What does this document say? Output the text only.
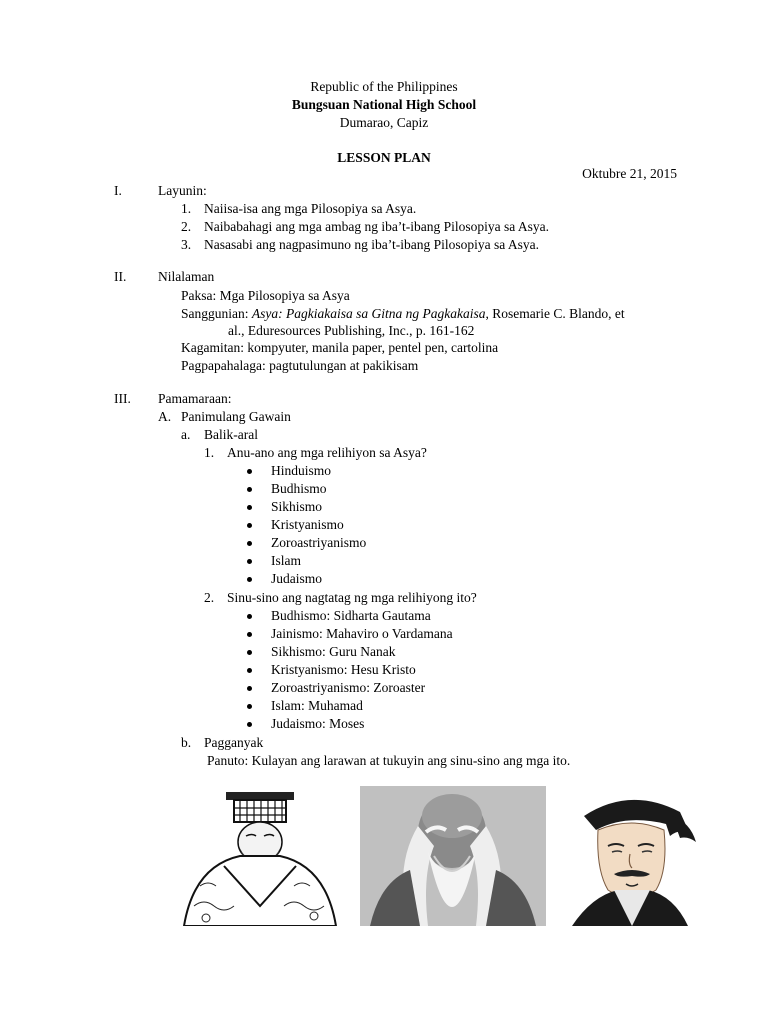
Republic of the Philippines
Bungsuan National High School
Dumarao, Capiz
LESSON PLAN
Oktubre 21, 2015
I.	Layunin:
1. Naiisa-isa ang mga Pilosopiya sa Asya.
2. Naibabahagi ang mga ambag ng iba’t-ibang Pilosopiya sa Asya.
3. Nasasabi ang nagpasimuno ng iba’t-ibang Pilosopiya sa Asya.
II. Nilalaman
Paksa: Mga Pilosopiya sa Asya
Sanggunian: Asya: Pagkiakaisa sa Gitna ng Pagkakaisa, Rosemarie C. Blando, et
al., Eduresources Publishing, Inc., p. 161-162
Kagamitan: kompyuter, manila paper, pentel pen, cartolina
Pagpapahalaga: pagtutulungan at pakikisam
III. Pamamaraan:
A. Panimulang Gawain
a. Balik-aral
1. Anu-ano ang mga relihiyon sa Asya?
Hinduismo
Budhismo
Sikhismo
Kristyanismo
Zoroastriyanismo
Islam
Judaismo
2. Sinu-sino ang nagtatag ng mga relihiyong ito?
Budhismo: Sidharta Gautama
Jainismo: Mahaviro o Vardamana
Sikhismo: Guru Nanak
Kristyanismo: Hesu Kristo
Zoroastriyanismo: Zoroaster
Islam: Muhamad
Judaismo: Moses
b. Pagganyak
Panuto: Kulayan ang larawan at tukuyin ang sinu-sino ang mga ito.
